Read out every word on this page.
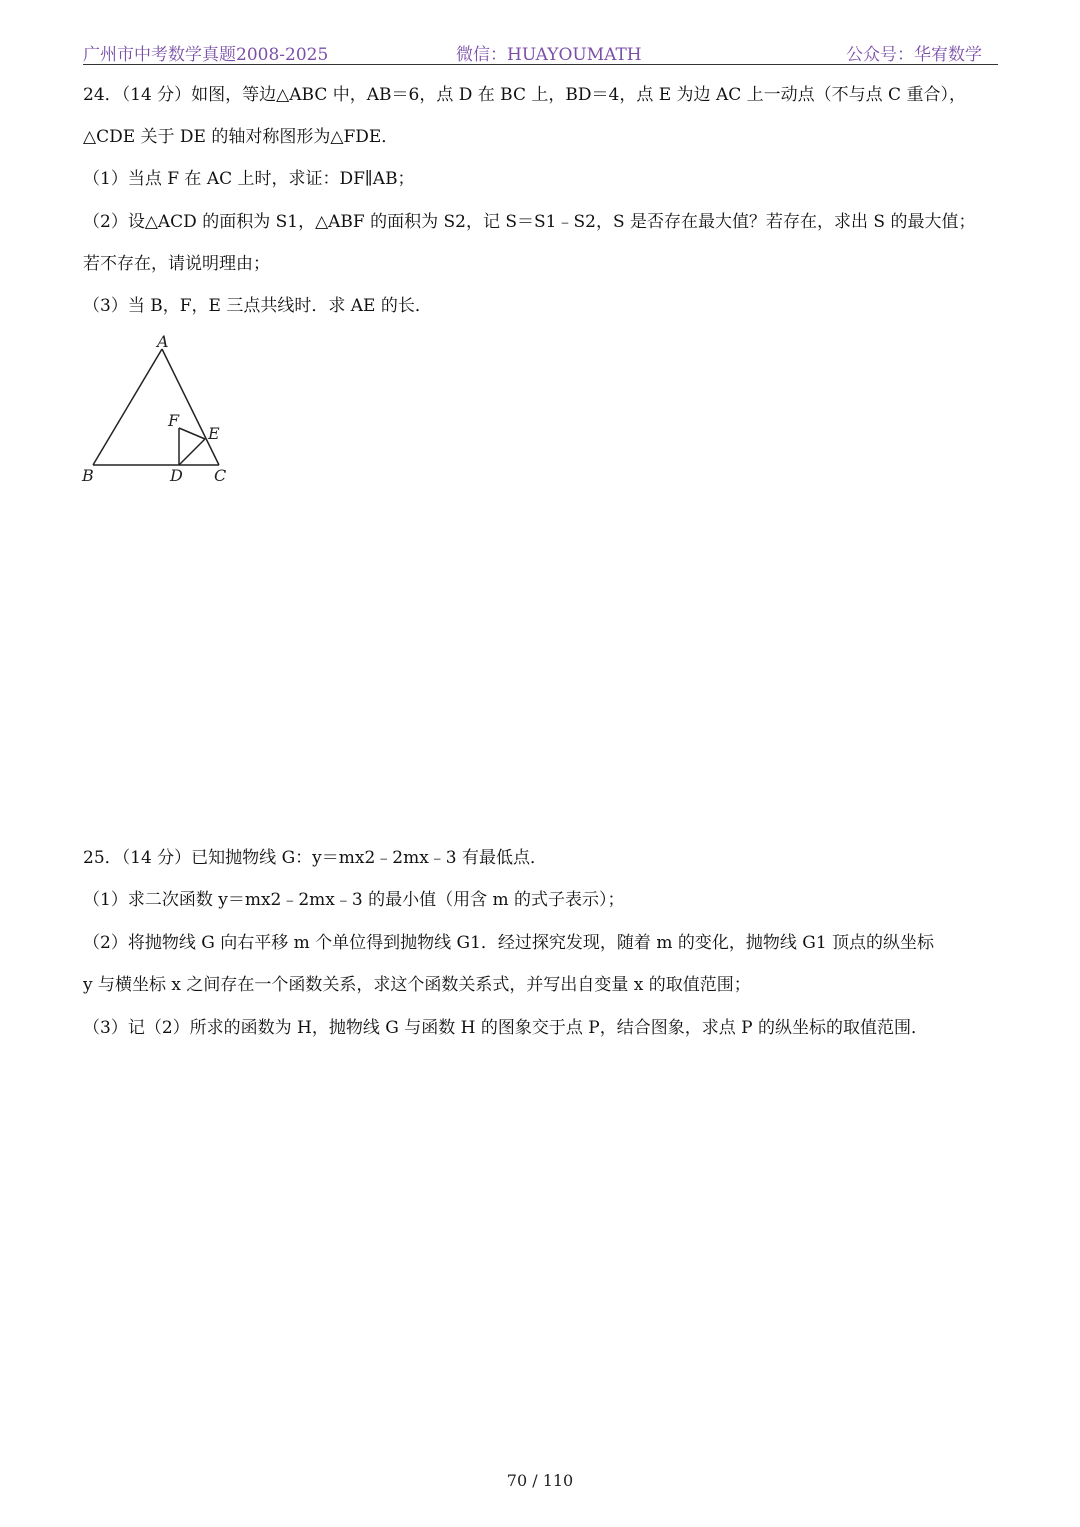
广州市中考数学真题2008-2025	微信：HUAYOUMATH	公众号：华宥数学
24．（14 分）如图，等边△ABC 中，AB＝6，点 D 在 BC 上，BD＝4，点 E 为边 AC 上一动点（不与点 C 重合），
△CDE 关于 DE 的轴对称图形为△FDE．
（1）当点 F 在 AC 上时，求证：DF∥AB；
（2）设△ACD 的面积为 S1，△ABF 的面积为 S2，记 S＝S1﹣S2，S 是否存在最大值？若存在，求出 S 的最大值；
若不存在，请说明理由；
（3）当 B，F，E 三点共线时．求 AE 的长．
A
B	C
D
E
F
25．（14 分）已知抛物线 G：y＝mx2﹣2mx﹣3 有最低点．
（1）求二次函数 y＝mx2﹣2mx﹣3 的最小值（用含 m 的式子表示）；
（2）将抛物线 G 向右平移 m 个单位得到抛物线 G1．经过探究发现，随着 m 的变化，抛物线 G1 顶点的纵坐标
y 与横坐标 x 之间存在一个函数关系，求这个函数关系式，并写出自变量 x 的取值范围；
（3）记（2）所求的函数为 H，抛物线 G 与函数 H 的图象交于点 P，结合图象，求点 P 的纵坐标的取值范围．
70 / 110
